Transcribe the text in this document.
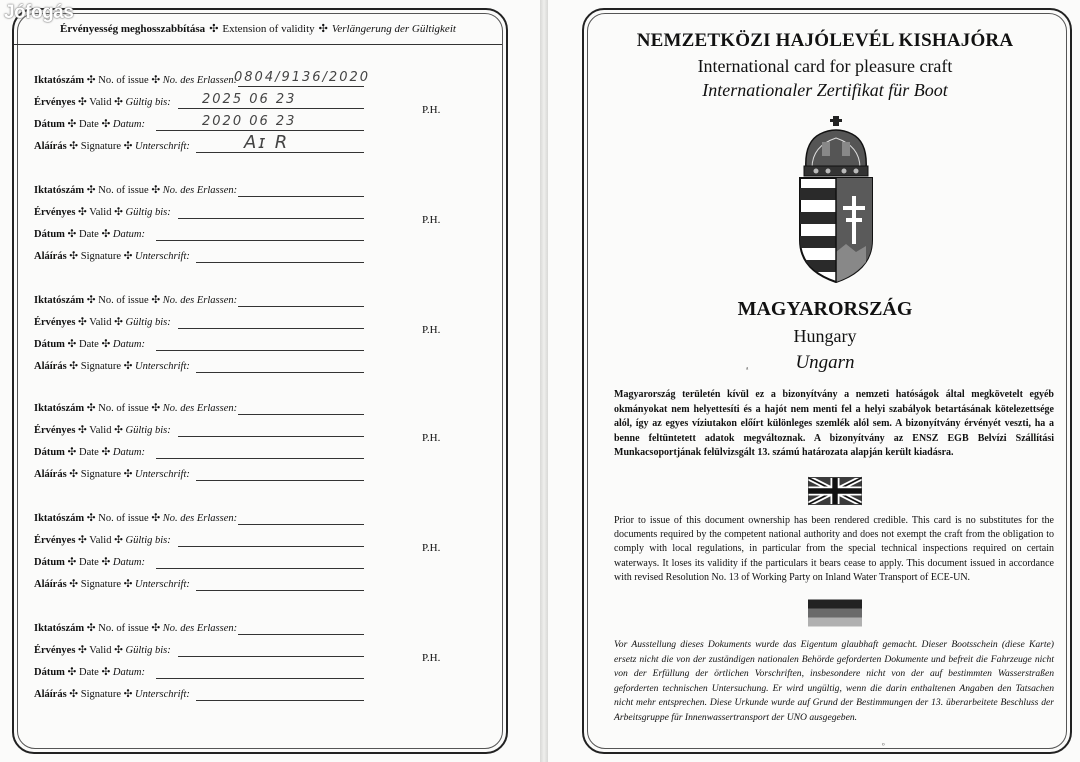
Jófogás
Érvényesség meghosszabbítása ✣ Extension of validity ✣ Verlängerung der Gültigkeit
Iktatószám ✣ No. of issue ✣ No. des Erlassen:
0804/9136/2020
Érvényes ✣ Valid ✣ Gültig bis: 2025 06 23
Dátum ✣ Date ✣ Datum:	2020 06 23
Aláírás ✣ Signature ✣ Unterschrift:	Aɪ R
P.H.
Iktatószám ✣ No. of issue ✣ No. des Erlassen:
Érvényes ✣ Valid ✣ Gültig bis:
Dátum ✣ Date ✣ Datum:
Aláírás ✣ Signature ✣ Unterschrift:
P.H.
Iktatószám ✣ No. of issue ✣ No. des Erlassen:
Érvényes ✣ Valid ✣ Gültig bis:
Dátum ✣ Date ✣ Datum:
Aláírás ✣ Signature ✣ Unterschrift:
P.H.
Iktatószám ✣ No. of issue ✣ No. des Erlassen:
Érvényes ✣ Valid ✣ Gültig bis:
Dátum ✣ Date ✣ Datum:
Aláírás ✣ Signature ✣ Unterschrift:
P.H.
Iktatószám ✣ No. of issue ✣ No. des Erlassen:
Érvényes ✣ Valid ✣ Gültig bis:
Dátum ✣ Date ✣ Datum:
Aláírás ✣ Signature ✣ Unterschrift:
P.H.
Iktatószám ✣ No. of issue ✣ No. des Erlassen:
Érvényes ✣ Valid ✣ Gültig bis:
Dátum ✣ Date ✣ Datum:
Aláírás ✣ Signature ✣ Unterschrift:
P.H.
NEMZETKÖZI HAJÓLEVÉL KISHAJÓRA
International card for pleasure craft
Internationaler Zertifikat für Boot
MAGYARORSZÁG
Hungary
Ungarn
Magyarország területén kívül ez a bizonyítvány a nemzeti hatóságok által megkövetelt egyéb okmányokat nem helyettesíti és a hajót nem menti fel a helyi szabályok betartásának kötelezettsége alól, így az egyes víziutakon előírt különleges szemlék alól sem. A bizonyítvány érvényét veszti, ha a benne feltüntetett adatok megváltoznak. A bizonyítvány az ENSZ EGB Belvízi Szállítási Munkacsoportjának felülvizsgált 13. számú határozata alapján került kiadásra.
Prior to issue of this document ownership has been rendered credible. This card is no substitutes for the documents required by the competent national authority and does not exempt the craft from the obligation to comply with local regulations, in particular from the special technical inspections required on certain waterways. It loses its validity if the particulars it bears cease to apply. This document issued in accordance with revised Resolution No. 13 of Working Party on Inland Water Transport of ECE-UN.
Vor Ausstellung dieses Dokuments wurde das Eigentum glaubhaft gemacht. Dieser Bootsschein (diese Karte) ersetz nicht die von der zuständigen nationalen Behörde geforderten Dokumente und befreit die Fahrzeuge nicht von der Erfüllung der örtlichen Vorschriften, insbesondere nicht von der auf bestimmten Wasserstraßen geforderten technischen Untersuchung. Er wird ungültig, wenn die darin enthaltenen Angaben den Tatsachen nicht mehr entsprechen. Diese Urkunde wurde auf Grund der Bestimmungen der 13. überarbeitete Beschluss der Arbeitsgruppe für Innenwassertransport der UNO ausgegeben.
ᵃ
ᵒ
